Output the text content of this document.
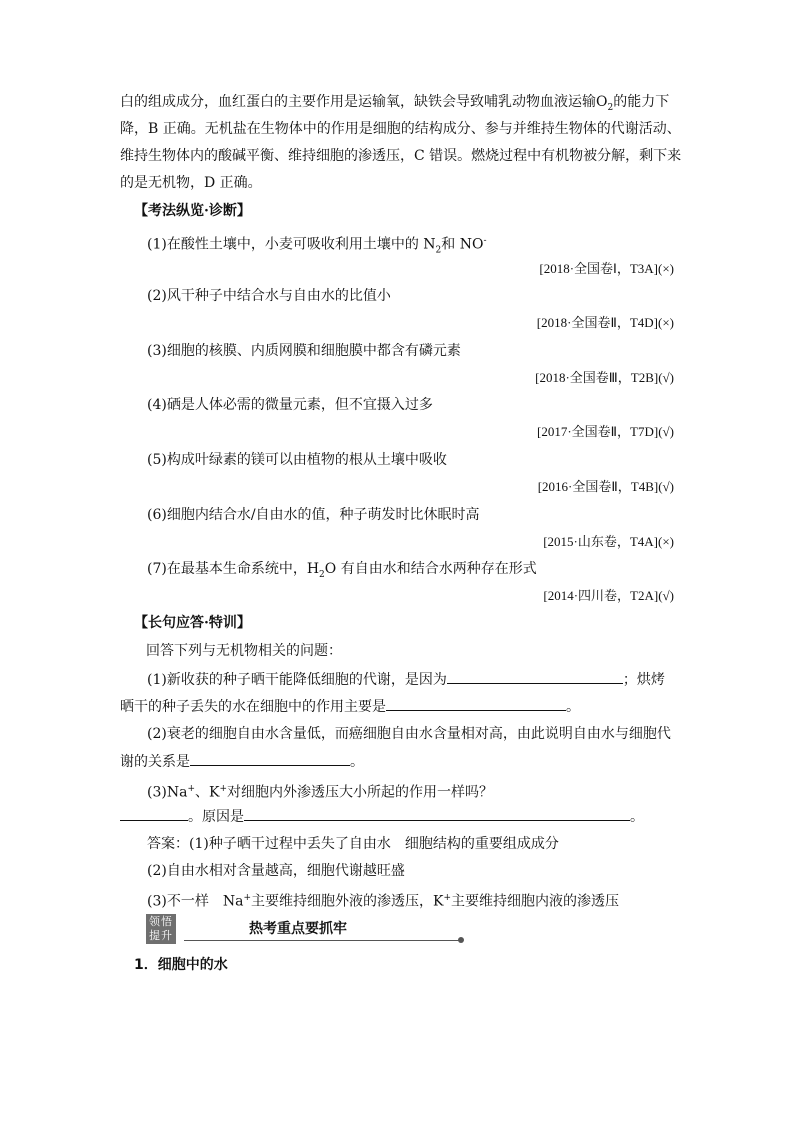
白的组成成分，血红蛋白的主要作用是运输氧，缺铁会导致哺乳动物血液运输$O_2$的能力下
降，B 正确。无机盐在生物体中的作用是细胞的结构成分、参与并维持生物体的代谢活动、
维持生物体内的酸碱平衡、维持细胞的渗透压，C 错误。燃烧过程中有机物被分解，剩下来
的是无机物，D 正确。
【考法纵览·诊断】
(1)在酸性土壤中，小麦可吸收利用土壤中的 $N_2$和 NO-
[2018·全国卷Ⅰ，T3A](×)
(2)风干种子中结合水与自由水的比值小
[2018·全国卷Ⅱ，T4D](×)
(3)细胞的核膜、内质网膜和细胞膜中都含有磷元素
[2018·全国卷Ⅲ，T2B](√)
(4)硒是人体必需的微量元素，但不宜摄入过多
[2017·全国卷Ⅱ，T7D](√)
(5)构成叶绿素的镁可以由植物的根从土壤中吸收
[2016·全国卷Ⅱ，T4B](√)
(6)细胞内结合水/自由水的值，种子萌发时比休眠时高
[2015·山东卷，T4A](×)
(7)在最基本生命系统中，$H_2O$ 有自由水和结合水两种存在形式
[2014·四川卷，T2A](√)
【长句应答·特训】
回答下列与无机物相关的问题：
(1)新收获的种子晒干能降低细胞的代谢，是因为	；烘烤
晒干的种子丢失的水在细胞中的作用主要是	。
(2)衰老的细胞自由水含量低，而癌细胞自由水含量相对高，由此说明自由水与细胞代
谢的关系是	。
(3)Na+、K+对细胞内外渗透压大小所起的作用一样吗？
。原因是	。
答案：(1)种子晒干过程中丢失了自由水　细胞结构的重要组成成分
(2)自由水相对含量越高，细胞代谢越旺盛
(3)不一样　Na+主要维持细胞外液的渗透压，K+主要维持细胞内液的渗透压
领悟提升	热考重点要抓牢
1．细胞中的水
